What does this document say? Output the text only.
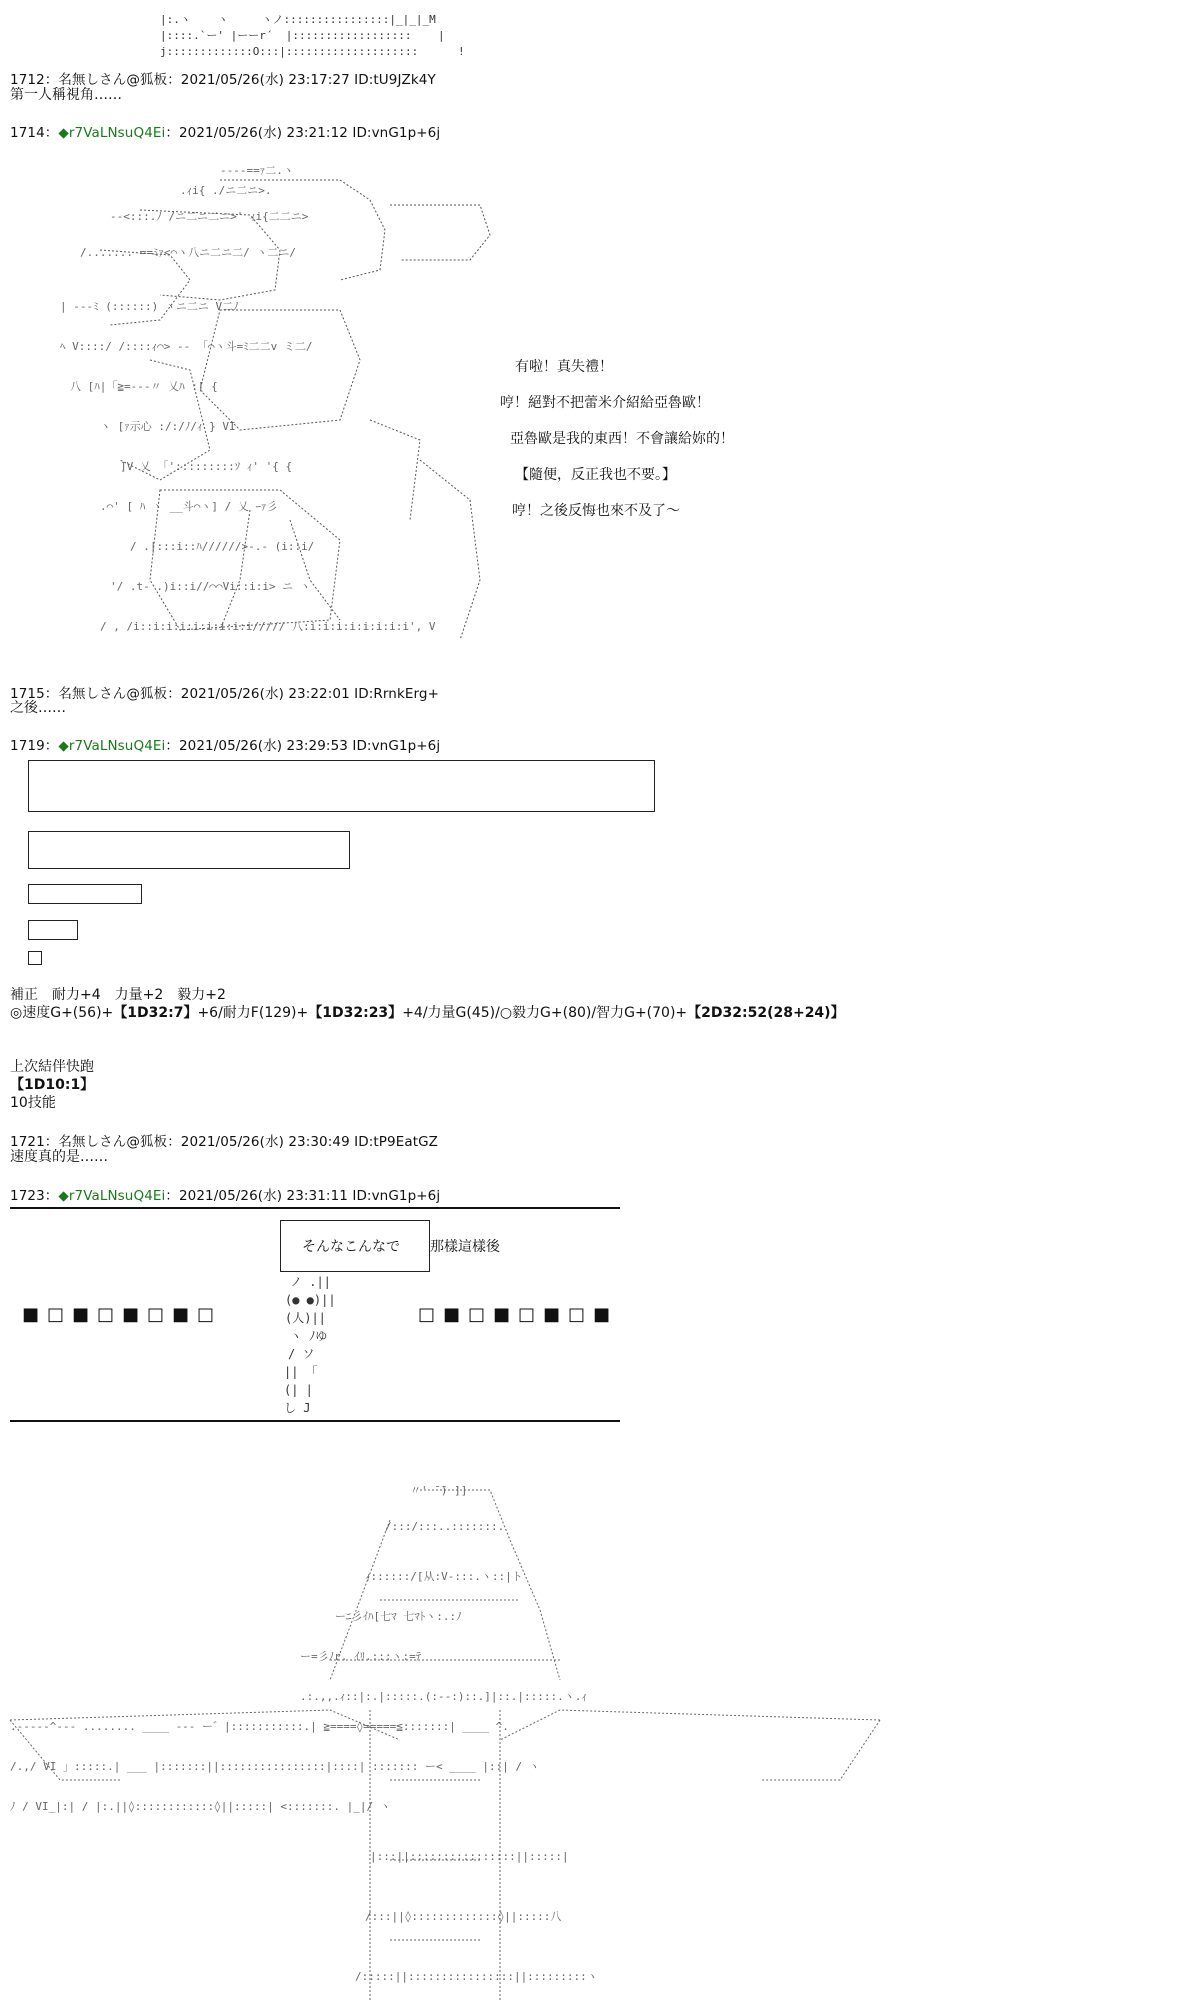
|:.ヽ    ヽ     ヽノ::::::::::::::::|_|_|_M
|::::.`ー' |ーーr´  |::::::::::::::::::    |
j:::::::::::::O:::|::::::::::::::::::::      !

1712：名無しさん@狐板：2021/05/26(水) 23:17:27 ID:tU9JZk4Y
第一人稱視角……
1714：◆r7VaLNsuQ4Ei：2021/05/26(水) 23:21:12 ID:vnG1p+6j
----==ｧ二.ヽ
.ｨi{ ./ニ二ニ>.
--<:::.ﾉ /ニ二ニ二ニ>' ｨi{二二ニ>
/....... ==ﾐｧ<⌒ヽ八ニ二ニ二/ ヽ二ニ/
| ---ﾐ (::::::) ヽニ二ニ V二ﾉ
ﾍ V::::/ /::::ｨ⌒> -- 「⌒ヽ斗=ﾐ二二v ミ二/
八 [ﾊ|「≧=---〃 乂ﾊ :[ {
ヽ [ｧ示心 :/:/ﾉ/ｨ } VI
]V 乂 「':::::::::ｿ ｨ' '{ {
.⌒' [ ﾊ ヽ __斗⌒ヽ] / 乂 ｰｧ彡
/ .|:::i::ﾊ//////>-.- (i::i/
'/ .t- .)i::i//⌒⌒Vi::i:i> ニ ヽ
/ , /i::i:i:i:i:i:i:i:i///// 八:i:i:i:i:i:i:i:i', V
有啦！真失禮！
哼！絕對不把蕾米介紹給亞魯歐！
亞魯歐是我的東西！不會讓給妳的！
【隨便，反正我也不要。】
哼！之後反悔也來不及了～
1715：名無しさん@狐板：2021/05/26(水) 23:22:01 ID:RrnkErg+
之後……
1719：◆r7VaLNsuQ4Ei：2021/05/26(水) 23:29:53 ID:vnG1p+6j
補正　耐力+4　力量+2　毅力+2
◎速度G+(56)+【1D32:7】+6/耐力F(129)+【1D32:23】+4/力量G(45)/○毅力G+(80)/智力G+(70)+【2D32:52(28+24)】
上次結伴快跑
【1D10:1】
10技能
1721：名無しさん@狐板：2021/05/26(水) 23:30:49 ID:tP9EatGZ
速度真的是……
1723：◆r7VaLNsuQ4Ei：2021/05/26(水) 23:31:11 ID:vnG1p+6j
そんなこんなで 那樣這樣後
■□■□■□■□	□■□■□■□■
ノ .||
(● ●)||
(人)||
ヽ ﾉゆ
/ ソ
|| 「
(| |
し J
〃' ̄ ̄) ]]
/:::/:::..:::::::.
ｨ::::::/[从:V-:::.ヽ::|ト
ーﾆ彡ｲﾊ[七ﾏ 七ﾏﾄヽ:.:ﾉ
ー=彡ﾉr. ｲﾘ.:::ヽ:=ﾃ
.:.,,.ｨ::|:.|:::::.(:--:)::.]|::.|:::::.ヽ.ｨ
.-----^--- ........ ____ --- ー゛|:::::::::::.| ≧====◊=====≦:::::::| ____ ^.
/.,/ VI 」:::::.| ___ |:::::::||::::::::::::::::|::::| ::::::: ー< ____ |::| / ヽ
ﾉ / VI_|:| / |:.||◊::::::::::::◊||:::::| <:::::::. |_|/ ヽ
|:::||::::::::::::::::||:::::|
/:::||◊:::::::::::::◊||:::::八
/:::::||::::::::::::::::||:::::::::ヽ
